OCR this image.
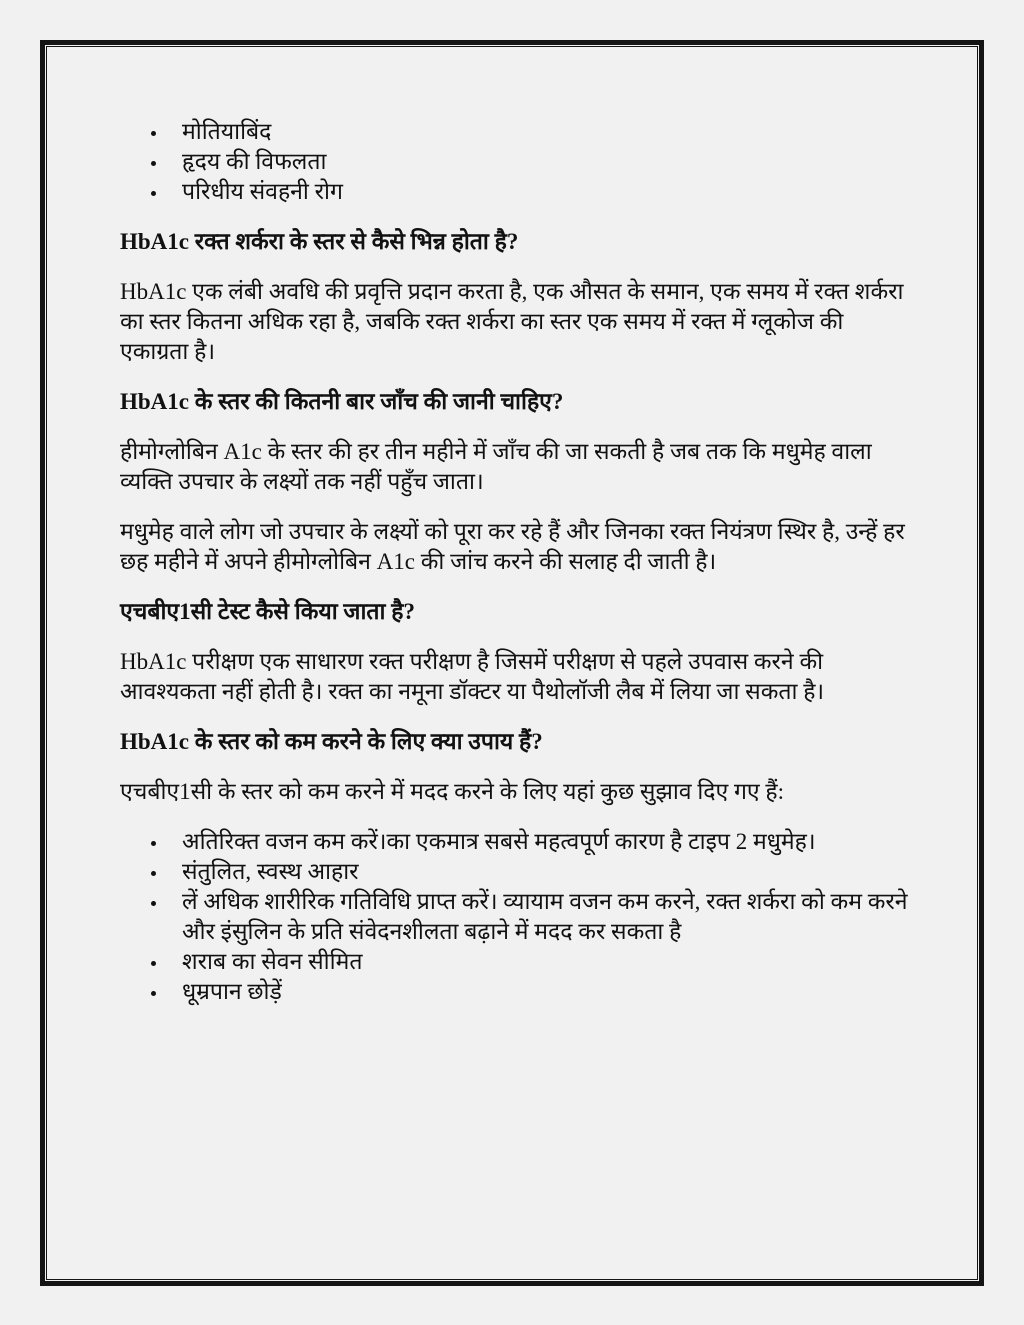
मोतियाबिंद
हृदय की विफलता
परिधीय संवहनी रोग
HbA1c रक्त शर्करा के स्तर से कैसे भिन्न होता है?

HbA1c एक लंबी अवधि की प्रवृत्ति प्रदान करता है, एक औसत के समान, एक समय में रक्त शर्करा का स्तर कितना अधिक रहा है, जबकि रक्त शर्करा का स्तर एक समय में रक्त में ग्लूकोज की एकाग्रता है।

HbA1c के स्तर की कितनी बार जाँच की जानी चाहिए?

हीमोग्लोबिन A1c के स्तर की हर तीन महीने में जाँच की जा सकती है जब तक कि मधुमेह वाला व्यक्ति उपचार के लक्ष्यों तक नहीं पहुँच जाता।

मधुमेह वाले लोग जो उपचार के लक्ष्यों को पूरा कर रहे हैं और जिनका रक्त नियंत्रण स्थिर है, उन्हें हर छह महीने में अपने हीमोग्लोबिन A1c की जांच करने की सलाह दी जाती है।

एचबीए1सी टेस्ट कैसे किया जाता है?

HbA1c परीक्षण एक साधारण रक्त परीक्षण है जिसमें परीक्षण से पहले उपवास करने की आवश्यकता नहीं होती है। रक्त का नमूना डॉक्टर या पैथोलॉजी लैब में लिया जा सकता है।

HbA1c के स्तर को कम करने के लिए क्या उपाय हैं?

एचबीए1सी के स्तर को कम करने में मदद करने के लिए यहां कुछ सुझाव दिए गए हैं:

अतिरिक्त वजन कम करें।का एकमात्र सबसे महत्वपूर्ण कारण है टाइप 2 मधुमेह।
संतुलित, स्वस्थ आहार
लें अधिक शारीरिक गतिविधि प्राप्त करें। व्यायाम वजन कम करने, रक्त शर्करा को कम करने और इंसुलिन के प्रति संवेदनशीलता बढ़ाने में मदद कर सकता है
शराब का सेवन सीमित
धूम्रपान छोड़ें
